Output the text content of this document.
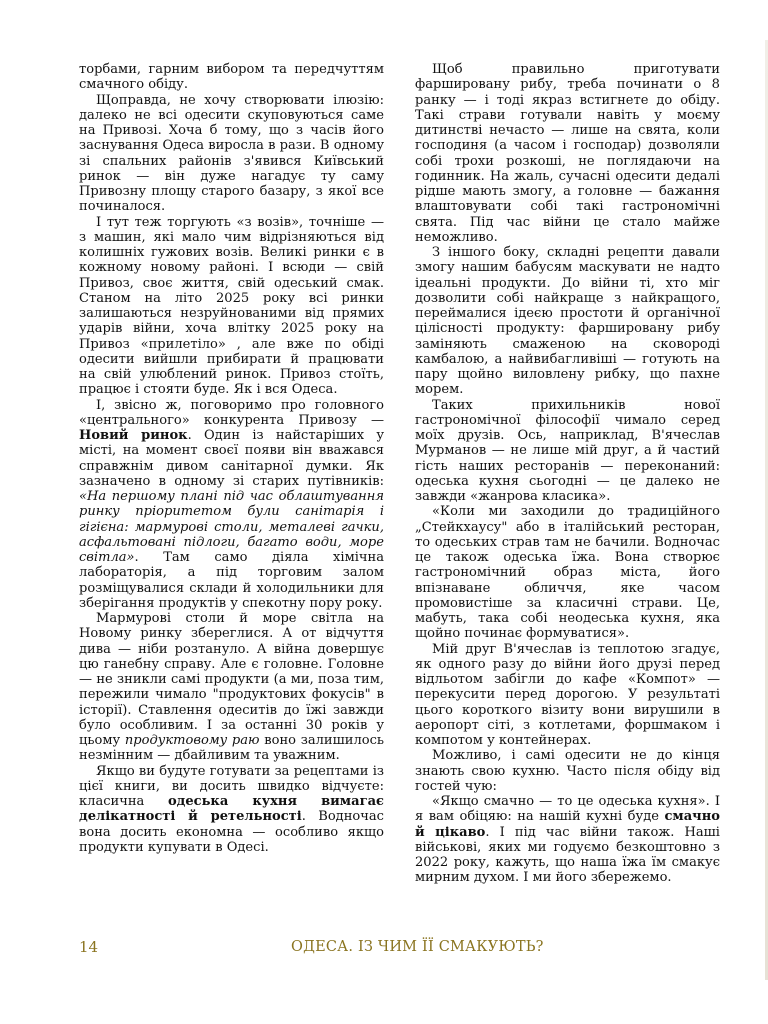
торбами, гарним вибором та передчуттям смачного обіду.

Щоправда, не хочу створювати ілюзію: далеко не всі одесити скуповуються саме на Привозі. Хоча б тому, що з часів його заснування Одеса виросла в рази. В одному зі спальних районів з'явився Київський ринок — він дуже нагадує ту саму Привозну площу старого базару, з якої все починалося.

І тут теж торгують «з возів», точніше — з машин, які мало чим відрізняються від колишніх гужових возів. Великі ринки є в кожному новому районі. І всюди — свій Привоз, своє життя, свій одеський смак. Станом на літо 2025 року всі ринки залишаються незруйнованими від прямих ударів війни, хоча влітку 2025 року на Привоз «прилетіло» , але вже по обіді одесити вийшли прибирати й працювати на свій улюблений ринок. Привоз стоїть, працює і стояти буде. Як і вся Одеса.

І, звісно ж, поговоримо про головного «центрального» конкурента Привозу — Новий ринок. Один із найстаріших у місті, на момент своєї появи він вважався справжнім дивом санітарної думки. Як зазначено в одному зі старих путівників: «На першому плані під час облаштування ринку пріоритетом були санітарія і гігієна: мармурові столи, металеві гачки, асфальтовані підлоги, багато води, море світла». Там само діяла хімічна лабораторія, а під торговим залом розміщувалися склади й холодильники для зберігання продуктів у спекотну пору року.

Мармурові столи й море світла на Новому ринку збереглися. А от відчуття дива — ніби розтануло. А війна довершує цю ганебну справу. Але є головне. Головне — не зникли самі продукти (а ми, поза тим, пережили чимало "продуктових фокусів" в історії). Ставлення одеситів до їжі завжди було особливим. І за останні 30 років у цьому продуктовому раю воно залишилось незмінним — дбайливим та уважним.

Якщо ви будуте готувати за рецептами із цієї книги, ви досить швидко відчуєте: класична одеська кухня вимагає делікатності й ретельності. Водночас вона досить економна — особливо якщо продукти купувати в Одесі.

Щоб правильно приготувати фаршировану рибу, треба починати о 8 ранку — і тоді якраз встигнете до обіду. Такі страви готували навіть у моєму дитинстві нечасто — лише на свята, коли господиня (а часом і господар) дозволяли собі трохи розкоші, не поглядаючи на годинник. На жаль, сучасні одесити дедалі рідше мають змогу, а головне — бажання влаштовувати собі такі гастрономічні свята. Під час війни це стало майже неможливо.

З іншого боку, складні рецепти давали змогу нашим бабусям маскувати не надто ідеальні продукти. До війни ті, хто міг дозволити собі найкраще з найкращого, переймалися ідеєю простоти й органічної цілісності продукту: фаршировану рибу заміняють смаженою на сковороді камбалою, а найвибагливіші — готують на пару щойно виловлену рибку, що пахне морем.

Таких прихильників нової гастрономічної філософії чимало серед моїх друзів. Ось, наприклад, В'ячеслав Мурманов — не лише мій друг, а й частий гість наших ресторанів — переконаний: одеська кухня сьогодні — це далеко не завжди «жанрова класика».

«Коли ми заходили до традиційного „Стейкхаусу" або в італійський ресторан, то одеських страв там не бачили. Водночас це також одеська їжа. Вона створює гастрономічний образ міста, його впізнаване обличчя, яке часом промовистіше за класичні страви. Це, мабуть, така собі неодеська кухня, яка щойно починає формуватися».

Мій друг В'ячеслав із теплотою згадує, як одного разу до війни його друзі перед відльотом забігли до кафе «Компот» — перекусити перед дорогою. У результаті цього короткого візиту вони вирушили в аеропорт сіті, з котлетами, форшмаком і компотом у контейнерах.

Можливо, і самі одесити не до кінця знають свою кухню. Часто після обіду від гостей чую:

«Якщо смачно — то це одеська кухня». І я вам обіцяю: на нашій кухні буде смачно й цікаво. І під час війни також. Наші військові, яких ми годуємо безкоштовно з 2022 року, кажуть, що наша їжа їм смакує мирним духом. І ми його збережемо.

14	ОДЕСА. ІЗ ЧИМ ЇЇ СМАКУЮТЬ?
